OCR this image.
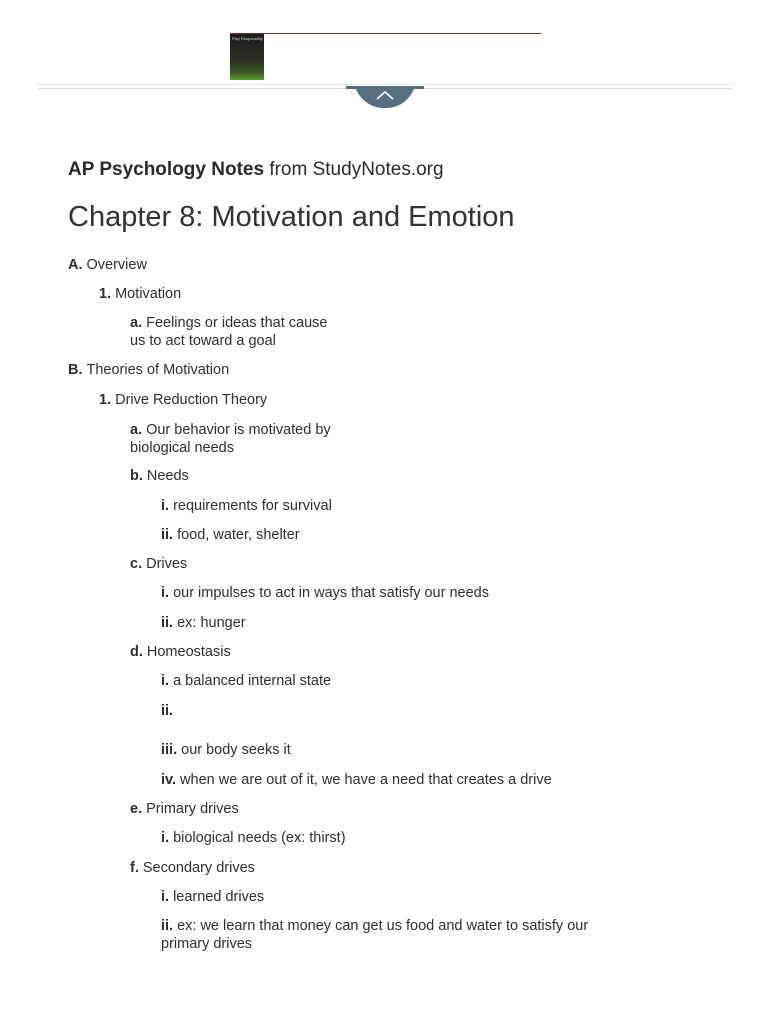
Play Responsibly
AP Psychology Notes from StudyNotes.org
Chapter 8: Motivation and Emotion
A. Overview
1. Motivation
a. Feelings or ideas that cause
us to act toward a goal
B. Theories of Motivation
1. Drive Reduction Theory
a. Our behavior is motivated by
biological needs
b. Needs
i. requirements for survival
ii. food, water, shelter
c. Drives
i. our impulses to act in ways that satisfy our needs
ii. ex: hunger
d. Homeostasis
i. a balanced internal state
ii.
iii. our body seeks it
iv. when we are out of it, we have a need that creates a drive
e. Primary drives
i. biological needs (ex: thirst)
f. Secondary drives
i. learned drives
ii. ex: we learn that money can get us food and water to satisfy our
primary drives
